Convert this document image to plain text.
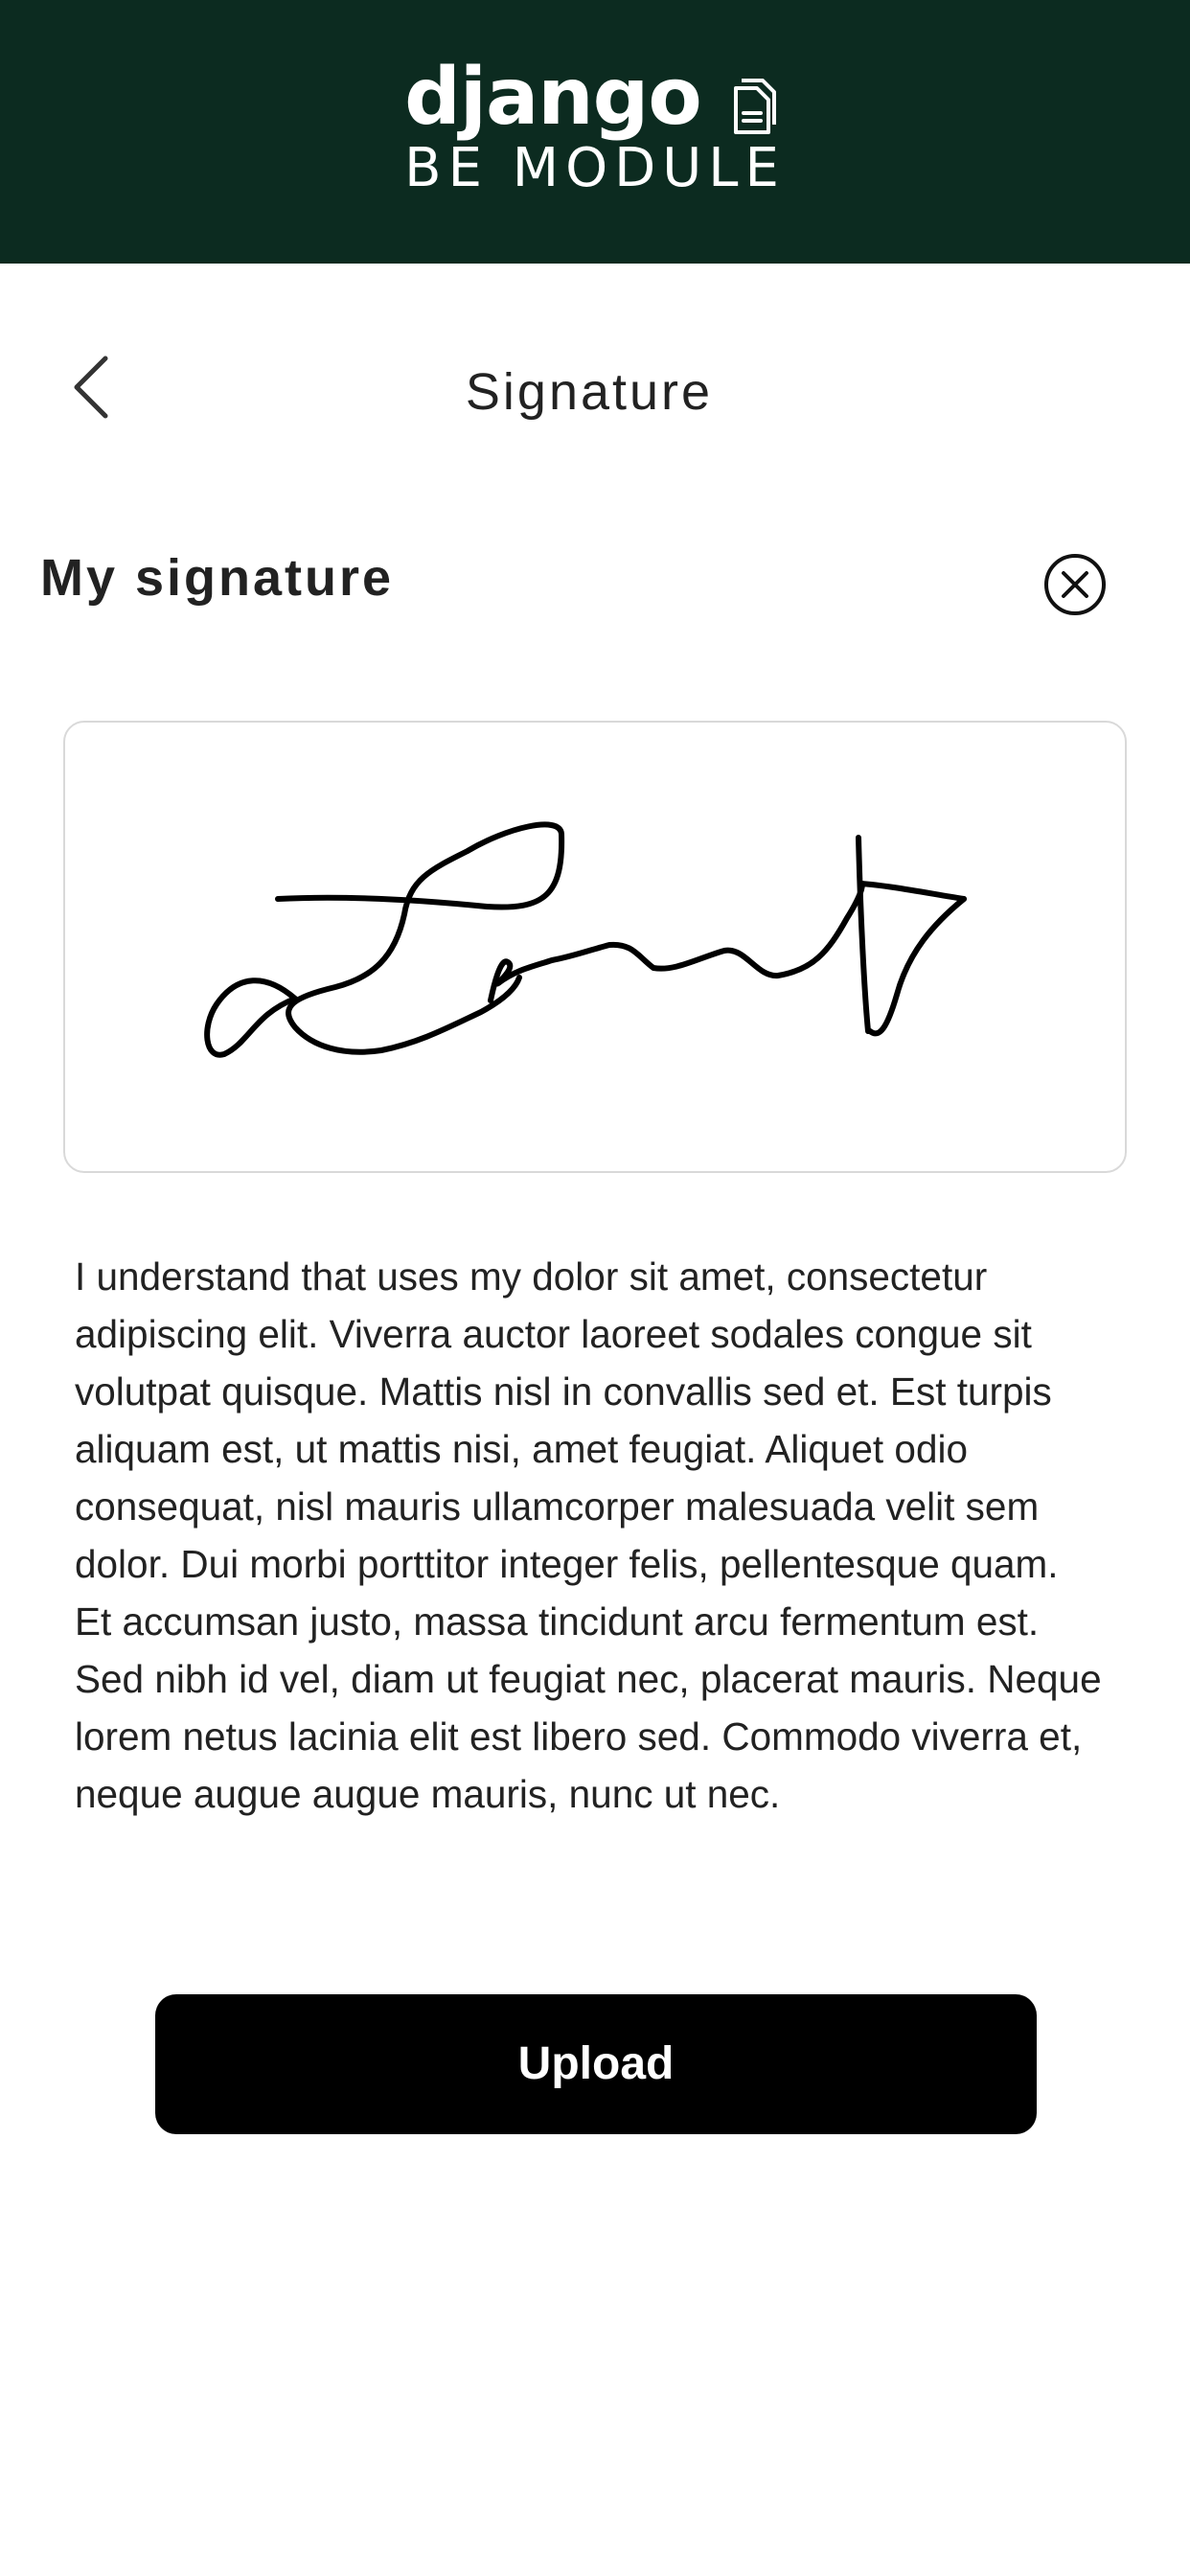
django
BE MODULE
Signature
My signature
I understand that uses my dolor sit amet, consectetur
adipiscing elit. Viverra auctor laoreet sodales congue sit
volutpat quisque. Mattis nisl in convallis sed et. Est turpis
aliquam est, ut mattis nisi, amet feugiat. Aliquet odio
consequat, nisl mauris ullamcorper malesuada velit sem
dolor. Dui morbi porttitor integer felis, pellentesque quam.
Et accumsan justo, massa tincidunt arcu fermentum est.
Sed nibh id vel, diam ut feugiat nec, placerat mauris. Neque
lorem netus lacinia elit est libero sed. Commodo viverra et,
neque augue augue mauris, nunc ut nec.
Upload
